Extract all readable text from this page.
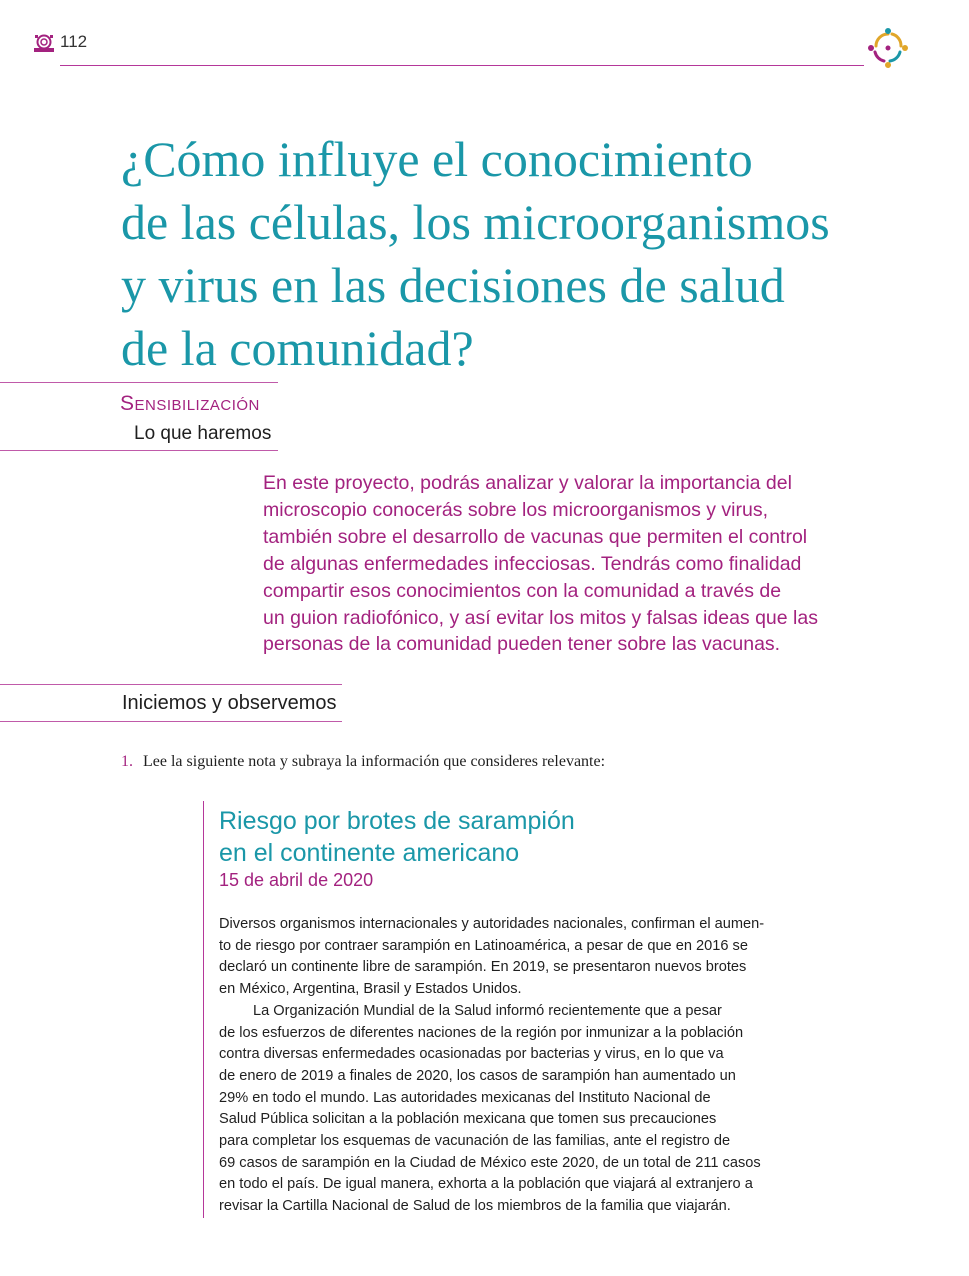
112
¿Cómo influye el conocimiento
de las células, los microorganismos
y virus en las decisiones de salud
de la comunidad?
Sensibilización
Lo que haremos
En este proyecto, podrás analizar y valorar la importancia del
microscopio conocerás sobre los microorganismos y virus,
también sobre el desarrollo de vacunas que permiten el control
de algunas enfermedades infecciosas. Tendrás como finalidad
compartir esos conocimientos con la comunidad a través de
un guion radiofónico, y así evitar los mitos y falsas ideas que las
personas de la comunidad pueden tener sobre las vacunas.
Iniciemos y observemos
1. Lee la siguiente nota y subraya la información que consideres relevante:
Riesgo por brotes de sarampión
en el continente americano
15 de abril de 2020
Diversos organismos internacionales y autoridades nacionales, confirman el aumen-
to de riesgo por contraer sarampión en Latinoamérica, a pesar de que en 2016 se
declaró un continente libre de sarampión. En 2019, se presentaron nuevos brotes
en México, Argentina, Brasil y Estados Unidos.
La Organización Mundial de la Salud informó recientemente que a pesar
de los esfuerzos de diferentes naciones de la región por inmunizar a la población
contra diversas enfermedades ocasionadas por bacterias y virus, en lo que va
de enero de 2019 a finales de 2020, los casos de sarampión han aumentado un
29% en todo el mundo. Las autoridades mexicanas del Instituto Nacional de
Salud Pública solicitan a la población mexicana que tomen sus precauciones
para completar los esquemas de vacunación de las familias, ante el registro de
69 casos de sarampión en la Ciudad de México este 2020, de un total de 211 casos
en todo el país. De igual manera, exhorta a la población que viajará al extranjero a
revisar la Cartilla Nacional de Salud de los miembros de la familia que viajarán.
